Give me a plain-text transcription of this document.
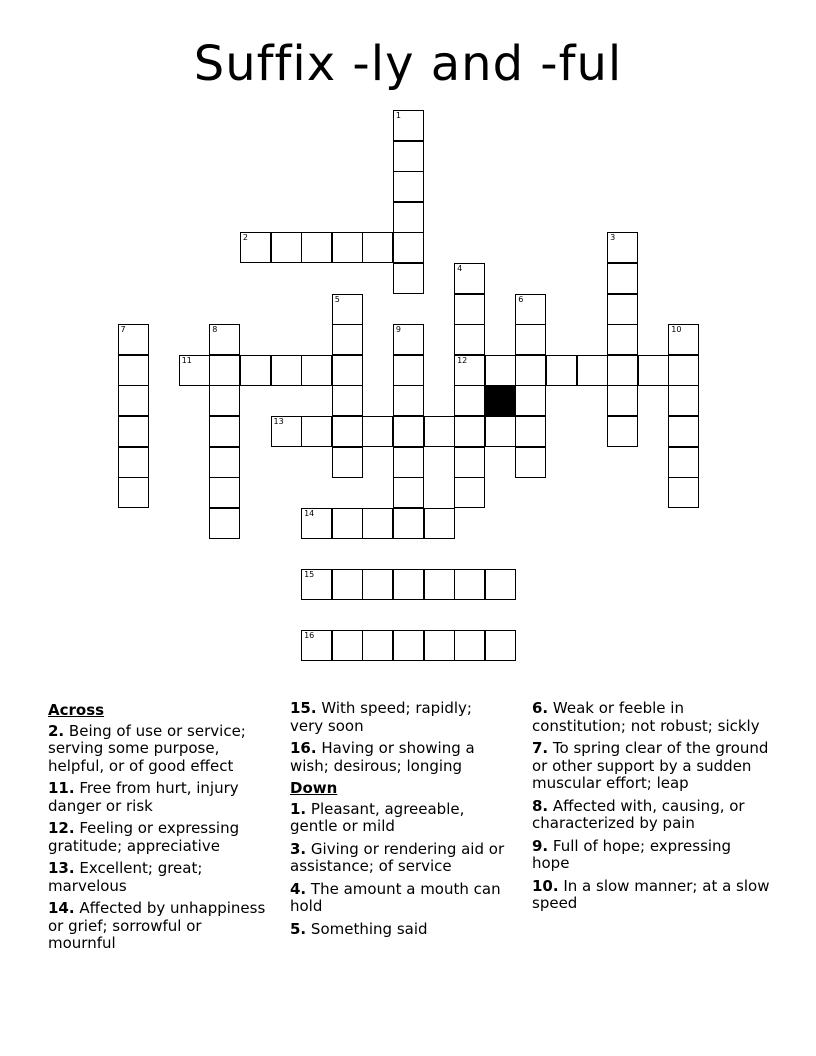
Suffix -ly and -ful
1
2	3
4
12
5	6
7	8	9	10
11
13
14
15
16
Across
2. Being of use or service; serving some purpose, helpful, or of good effect
11. Free from hurt, injury danger or risk
12. Feeling or expressing gratitude; appreciative
13. Excellent; great; marvelous
14. Affected by unhappiness or grief; sorrowful or mournful
15. With speed; rapidly; very soon
16. Having or showing a wish; desirous; longing
Down
1. Pleasant, agreeable, gentle or mild
3. Giving or rendering aid or assistance; of service
4. The amount a mouth can hold
5. Something said
6. Weak or feeble in constitution; not robust; sickly
7. To spring clear of the ground or other support by a sudden muscular effort; leap
8. Affected with, causing, or characterized by pain
9. Full of hope; expressing hope
10. In a slow manner; at a slow speed
